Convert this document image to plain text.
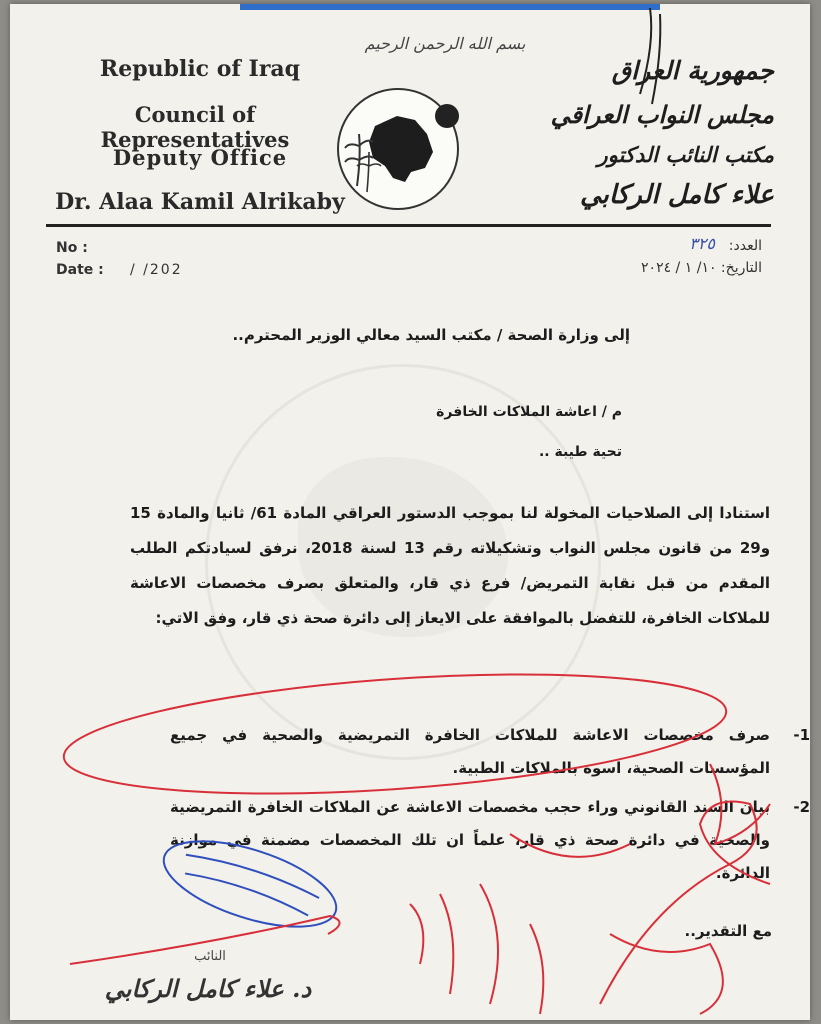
Republic of Iraq
Council of Representatives
Deputy Office
Dr. Alaa Kamil Alrikaby
بسم الله الرحمن الرحيم
جمهورية العراق
مجلس النواب العراقي
مكتب النائب الدكتور
علاء كامل الركابي
No :
Date : / /202
العدد:
٣٢٥
التاريخ: ١٠/ ١ / ٢٠٢٤
إلى وزارة الصحة / مكتب السيد معالي الوزير المحترم..
م / اعاشة الملاكات الخافرة
تحية طيبة ..
استنادا إلى الصلاحيات المخولة لنا بموجب الدستور العراقي المادة 61/ ثانيا والمادة 15 و29 من قانون مجلس النواب وتشكيلاته رقم 13 لسنة 2018، نرفق لسيادتكم الطلب المقدم من قبل نقابة التمريض/ فرع ذي قار، والمتعلق بصرف مخصصات الاعاشة للملاكات الخافرة، للتفضل بالموافقة على الايعاز إلى دائرة صحة ذي قار، وفق الاتي:
1-
صرف مخصصات الاعاشة للملاكات الخافرة التمريضية والصحية في جميع المؤسسات الصحية، اسوة بالملاكات الطبية.
2-
بيان السند القانوني وراء حجب مخصصات الاعاشة عن الملاكات الخافرة التمريضية والصحية في دائرة صحة ذي قار، علماً ان تلك المخصصات مضمنة في موازنة الدائرة.
مع التقدير..
النائب
د. علاء كامل الركابي
